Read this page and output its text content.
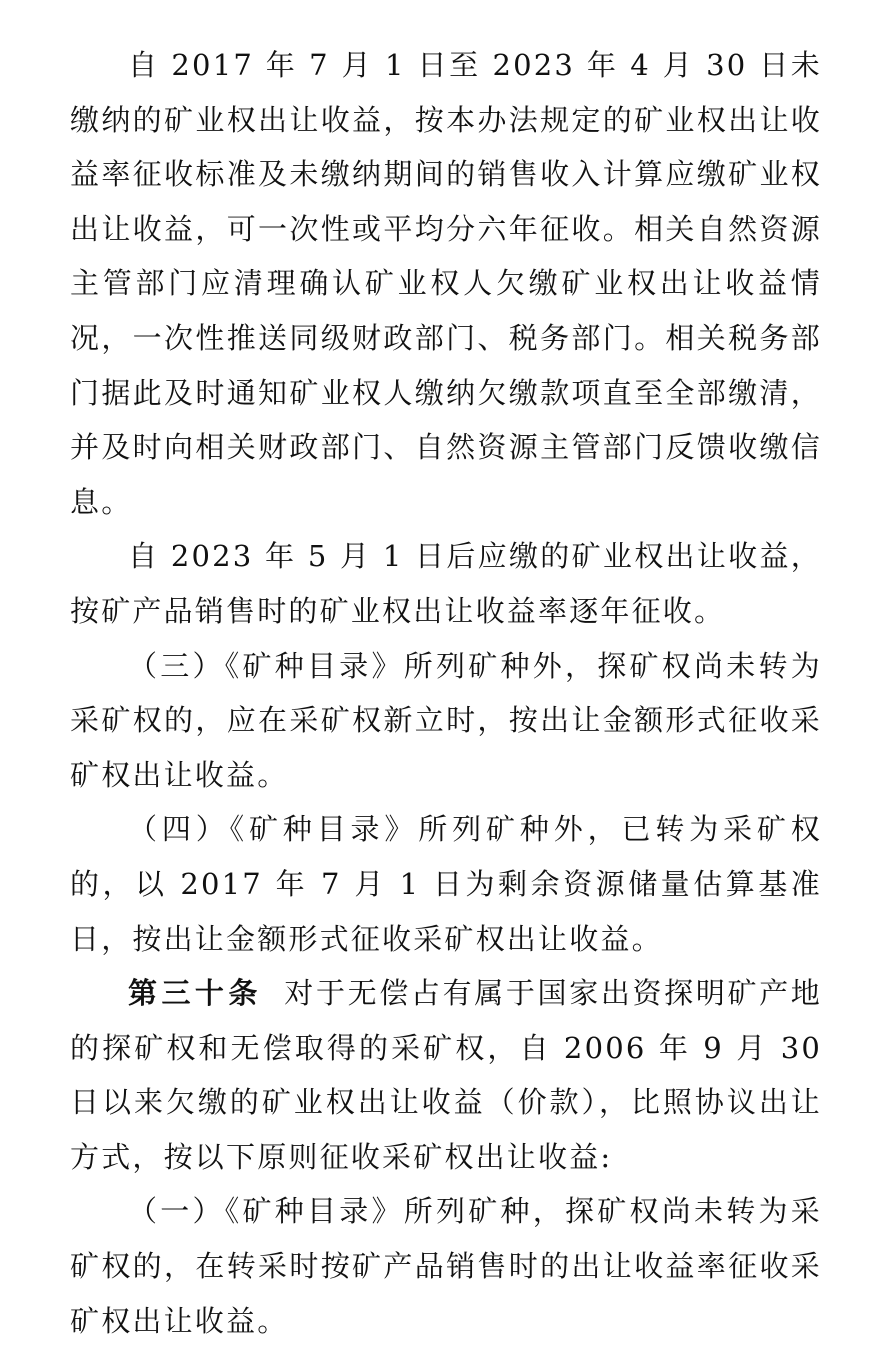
自 2017 年 7 月 1 日至 2023 年 4 月 30 日未缴纳的矿业权出让收益，按本办法规定的矿业权出让收益率征收标准及未缴纳期间的销售收入计算应缴矿业权出让收益，可一次性或平均分六年征收。相关自然资源主管部门应清理确认矿业权人欠缴矿业权出让收益情况，一次性推送同级财政部门、税务部门。相关税务部门据此及时通知矿业权人缴纳欠缴款项直至全部缴清，并及时向相关财政部门、自然资源主管部门反馈收缴信息。

自 2023 年 5 月 1 日后应缴的矿业权出让收益，按矿产品销售时的矿业权出让收益率逐年征收。

（三）《矿种目录》所列矿种外，探矿权尚未转为采矿权的，应在采矿权新立时，按出让金额形式征收采矿权出让收益。

（四）《矿种目录》所列矿种外，已转为采矿权的，以 2017 年 7 月 1 日为剩余资源储量估算基准日，按出让金额形式征收采矿权出让收益。

第三十条 对于无偿占有属于国家出资探明矿产地的探矿权和无偿取得的采矿权，自 2006 年 9 月 30 日以来欠缴的矿业权出让收益（价款），比照协议出让方式，按以下原则征收采矿权出让收益:

（一）《矿种目录》所列矿种，探矿权尚未转为采矿权的，在转采时按矿产品销售时的出让收益率征收采矿权出让收益。
